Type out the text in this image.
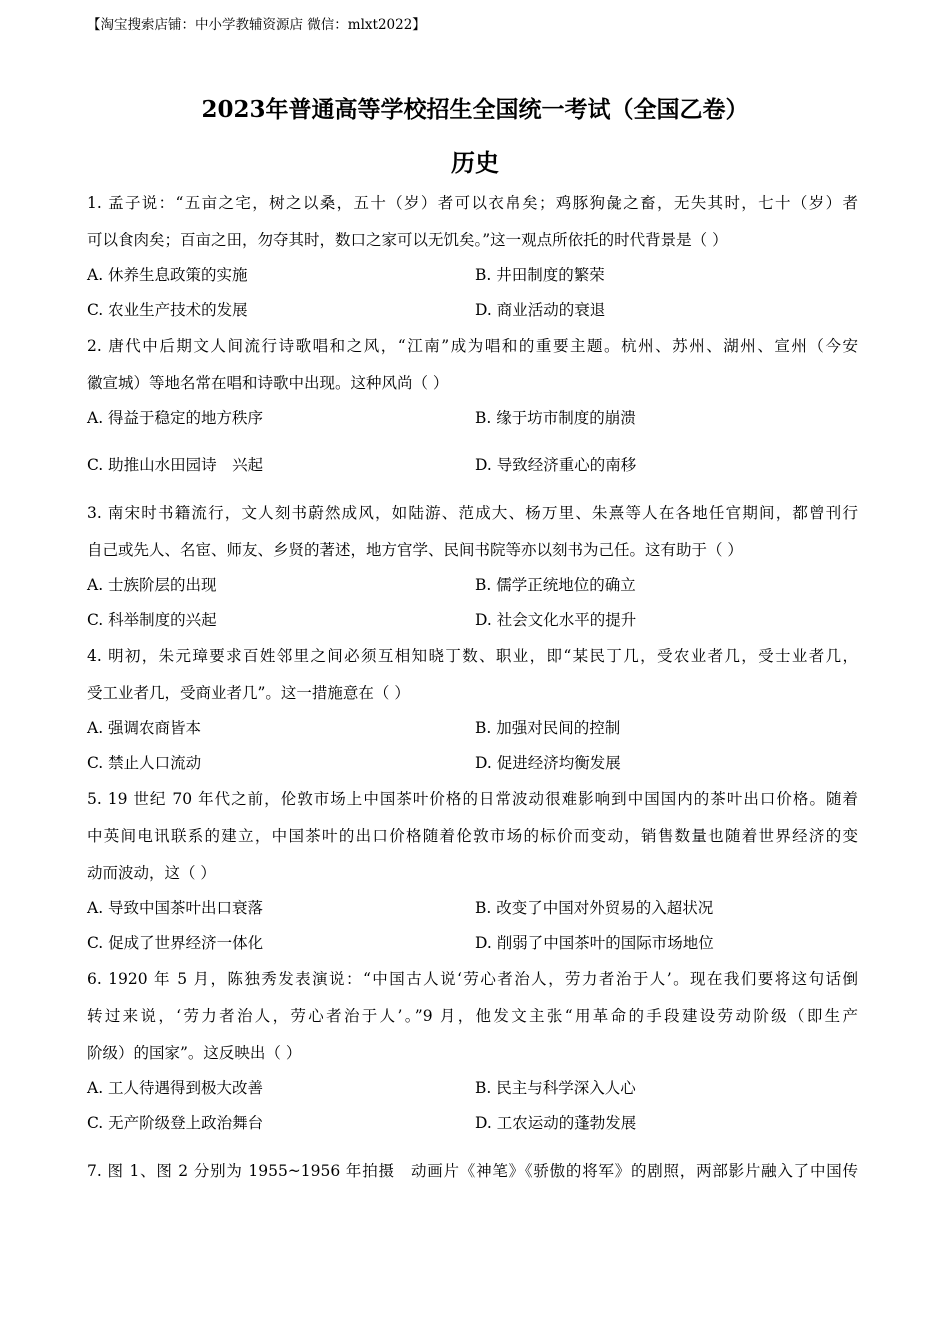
【淘宝搜索店铺：中小学教辅资源店 微信：mlxt2022】
2023年普通高等学校招生全国统一考试（全国乙卷）
历史
1. 孟子说：“五亩之宅，树之以桑，五十（岁）者可以衣帛矣；鸡豚狗彘之畜，无失其时，七十（岁）者
可以食肉矣；百亩之田，勿夺其时，数口之家可以无饥矣。”这一观点所依托的时代背景是（ ）
A. 休养生息政策的实施	B. 井田制度的繁荣
C. 农业生产技术的发展	D. 商业活动的衰退
2. 唐代中后期文人间流行诗歌唱和之风，“江南”成为唱和的重要主题。杭州、苏州、湖州、宣州（今安
徽宣城）等地名常在唱和诗歌中出现。这种风尚（ ）
A. 得益于稳定的地方秩序	B. 缘于坊市制度的崩溃
C. 助推山水田园诗　兴起	D. 导致经济重心的南移
3. 南宋时书籍流行，文人刻书蔚然成风，如陆游、范成大、杨万里、朱熹等人在各地任官期间，都曾刊行
自己或先人、名宦、师友、乡贤的著述，地方官学、民间书院等亦以刻书为己任。这有助于（ ）
A. 士族阶层的出现	B. 儒学正统地位的确立
C. 科举制度的兴起	D. 社会文化水平的提升
4. 明初，朱元璋要求百姓邻里之间必须互相知晓丁数、职业，即“某民丁几，受农业者几，受士业者几，
受工业者几，受商业者几”。这一措施意在（ ）
A. 强调农商皆本	B. 加强对民间的控制
C. 禁止人口流动	D. 促进经济均衡发展
5. 19 世纪 70 年代之前，伦敦市场上中国茶叶价格的日常波动很难影响到中国国内的茶叶出口价格。随着
中英间电讯联系的建立，中国茶叶的出口价格随着伦敦市场的标价而变动，销售数量也随着世界经济的变
动而波动，这（ ）
A. 导致中国茶叶出口衰落	B. 改变了中国对外贸易的入超状况
C. 促成了世界经济一体化	D. 削弱了中国茶叶的国际市场地位
6. 1920 年 5 月，陈独秀发表演说：“中国古人说‘劳心者治人，劳力者治于人’。现在我们要将这句话倒
转过来说，‘劳力者治人，劳心者治于人’。”9 月，他发文主张“用革命的手段建设劳动阶级（即生产
阶级）的国家”。这反映出（ ）
A. 工人待遇得到极大改善	B. 民主与科学深入人心
C. 无产阶级登上政治舞台	D. 工农运动的蓬勃发展
7. 图 1、图 2 分别为 1955~1956 年拍摄　动画片《神笔》《骄傲的将军》的剧照，两部影片融入了中国传
